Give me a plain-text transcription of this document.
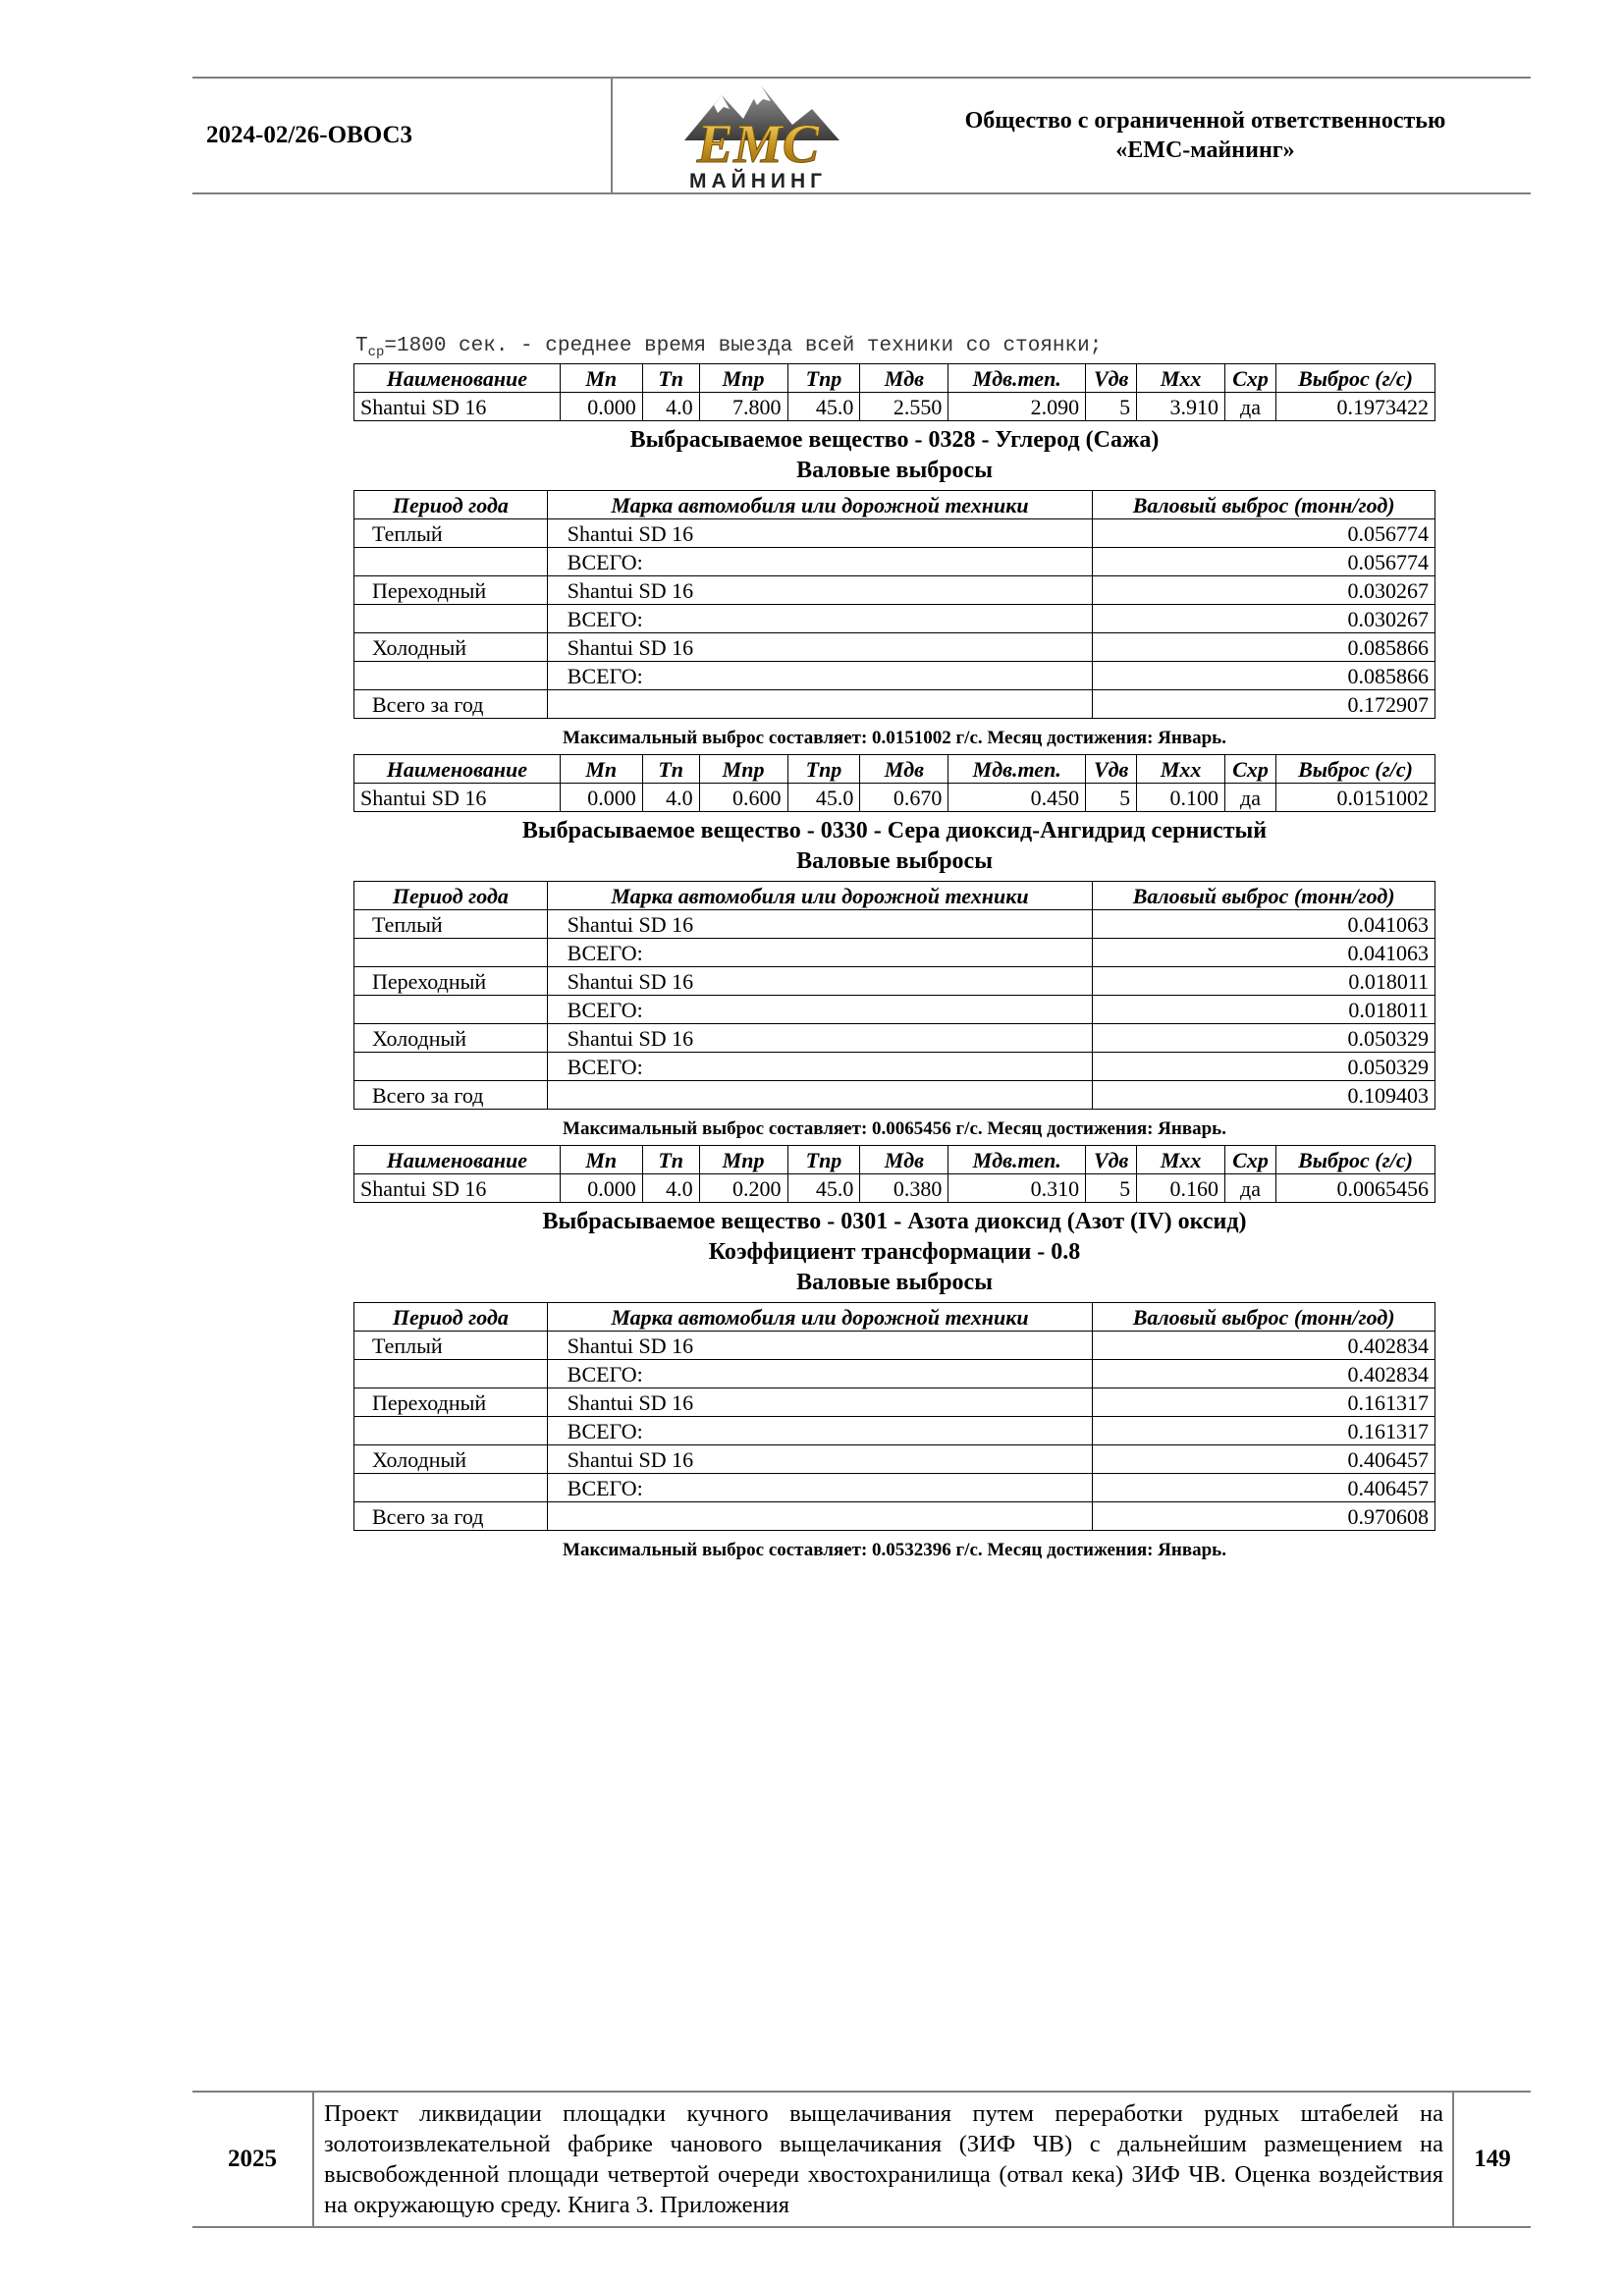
2024-02/26-ОВОС3	EMC
МАЙНИНГ
Общество с ограниченной ответственностью
«ЕМС-майнинг»
$T_{ср}=1800$ сек. - среднее время выезда всей техники со стоянки;
Наименование	Mп	Tп	Mпр	Tпр	Mдв	Mдв.теп.	Vдв	Mxx	Cхр	Выброс (г/с)
Shantui SD 16	0.000	4.0	7.800	45.0	2.550	2.090	5	3.910	да	0.1973422
Выбрасываемое вещество - 0328 - Углерод (Сажа)
Валовые выбросы
Период года	Марка автомобиля или дорожной техники	Валовый выброс (тонн/год)
Теплый	Shantui SD 16	0.056774
	ВСЕГО:	0.056774
Переходный	Shantui SD 16	0.030267
	ВСЕГО:	0.030267
Холодный	Shantui SD 16	0.085866
	ВСЕГО:	0.085866
Всего за год		0.172907
Максимальный выброс составляет: 0.0151002 г/с. Месяц достижения: Январь.
Наименование	Mп	Tп	Mпр	Tпр	Mдв	Mдв.теп.	Vдв	Mxx	Cхр	Выброс (г/с)
Shantui SD 16	0.000	4.0	0.600	45.0	0.670	0.450	5	0.100	да	0.0151002
Выбрасываемое вещество - 0330 - Сера диоксид-Ангидрид сернистый
Валовые выбросы
Период года	Марка автомобиля или дорожной техники	Валовый выброс (тонн/год)
Теплый	Shantui SD 16	0.041063
	ВСЕГО:	0.041063
Переходный	Shantui SD 16	0.018011
	ВСЕГО:	0.018011
Холодный	Shantui SD 16	0.050329
	ВСЕГО:	0.050329
Всего за год		0.109403
Максимальный выброс составляет: 0.0065456 г/с. Месяц достижения: Январь.
Наименование	Mп	Tп	Mпр	Tпр	Mдв	Mдв.теп.	Vдв	Mxx	Cхр	Выброс (г/с)
Shantui SD 16	0.000	4.0	0.200	45.0	0.380	0.310	5	0.160	да	0.0065456
Выбрасываемое вещество - 0301 - Азота диоксид (Азот (IV) оксид)
Коэффициент трансформации - 0.8
Валовые выбросы
Период года	Марка автомобиля или дорожной техники	Валовый выброс (тонн/год)
Теплый	Shantui SD 16	0.402834
	ВСЕГО:	0.402834
Переходный	Shantui SD 16	0.161317
	ВСЕГО:	0.161317
Холодный	Shantui SD 16	0.406457
	ВСЕГО:	0.406457
Всего за год		0.970608
Максимальный выброс составляет: 0.0532396 г/с. Месяц достижения: Январь.
2025
Проект ликвидации площадки кучного выщелачивания путем переработки рудных штабелей на золотоизвлекательной фабрике чанового выщелачикания (ЗИФ ЧВ) с дальнейшим размещением на высвобожденной площади четвертой очереди хвостохранилища (отвал кека) ЗИФ ЧВ. Оценка воздействия на окружающую среду. Книга 3. Приложения
149
